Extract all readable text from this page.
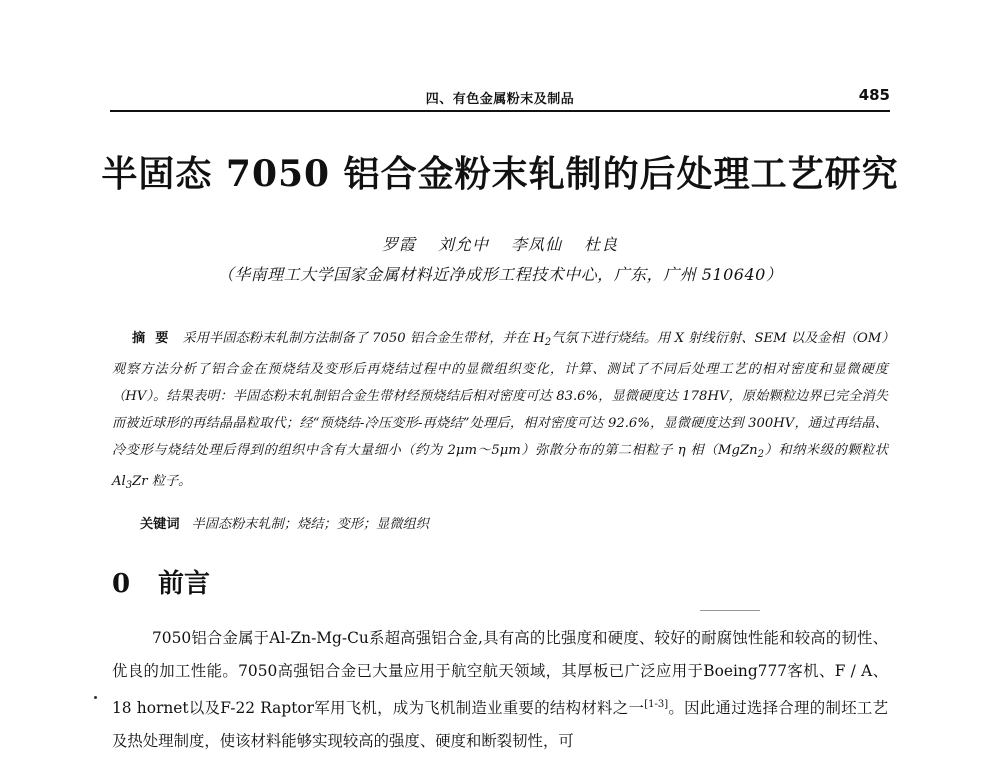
四、有色金属粉末及制品	485
半固态 7050 铝合金粉末轧制的后处理工艺研究
罗霞 刘允中 李凤仙 杜良
（华南理工大学国家金属材料近净成形工程技术中心，广东，广州 510640）
摘要 采用半固态粉末轧制方法制备了 7050 铝合金生带材，并在 $H_2$气氛下进行烧结。用 X 射线衍射、SEM 以及金相（OM）观察方法分析了铝合金在预烧结及变形后再烧结过程中的显微组织变化，计算、测试了不同后处理工艺的相对密度和显微硬度（HV）。结果表明：半固态粉末轧制铝合金生带材经预烧结后相对密度可达 83.6%，显微硬度达 178HV，原始颗粒边界已完全消失而被近球形的再结晶晶粒取代；经“预烧结-冷压变形-再烧结”处理后，相对密度可达 92.6%，显微硬度达到 300HV，通过再结晶、冷变形与烧结处理后得到的组织中含有大量细小（约为 2μm～5μm）弥散分布的第二相粒子 η 相（MgZn$_2$）和纳米级的颗粒状 $Al_3Zr$ 粒子。
关键词 半固态粉末轧制；烧结；变形；显微组织
0 前言
7050铝合金属于Al-Zn-Mg-Cu系超高强铝合金,具有高的比强度和硬度、较好的耐腐蚀性能和较高的韧性、优良的加工性能。7050高强铝合金已大量应用于航空航天领域，其厚板已广泛应用于Boeing777客机、F / A、18 hornet以及F-22 Raptor军用飞机，成为飞机制造业重要的结构材料之一[1-3]。因此通过选择合理的制坯工艺及热处理制度，使该材料能够实现较高的强度、硬度和断裂韧性，可
